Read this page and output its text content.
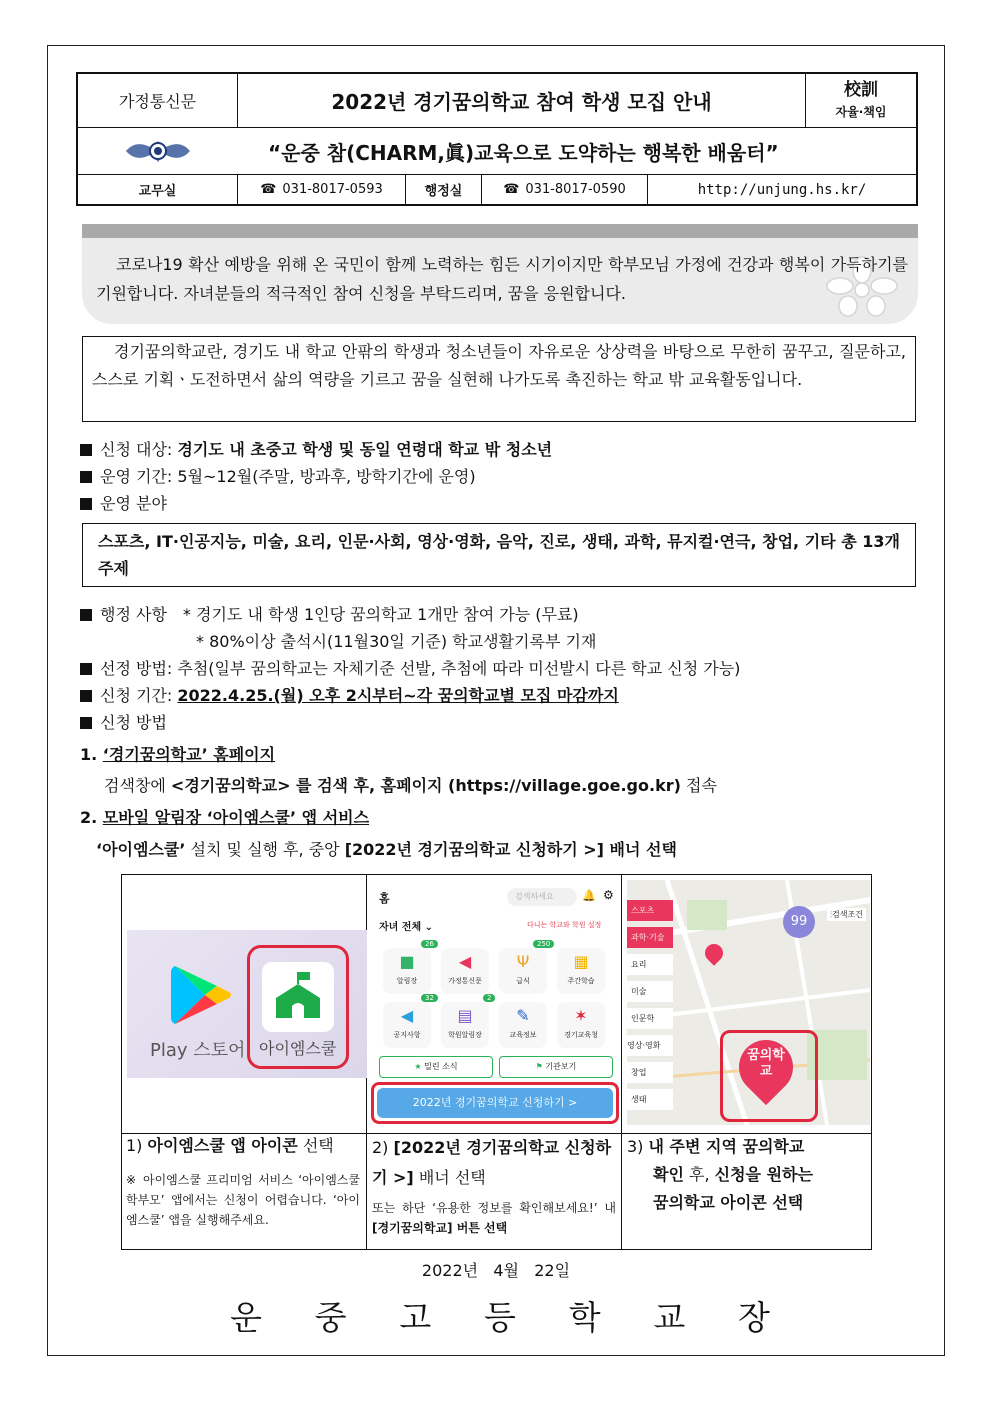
가정통신문	2022년 경기꿈의학교 참여 학생 모집 안내
校訓
자율·책임
“운중 참(CHARM,眞)교육으로 도약하는 행복한 배움터”
교무실	☎ 031-8017-0593	행정실	☎ 031-8017-0590	http://unjung.hs.kr/
코로나19 확산 예방을 위해 온 국민이 함께 노력하는 힘든 시기이지만 학부모님 가정에 건강과 행복이 가득하기를 기원합니다. 자녀분들의 적극적인 참여 신청을 부탁드리며, 꿈을 응원합니다.
경기꿈의학교란, 경기도 내 학교 안팎의 학생과 청소년들이 자유로운 상상력을 바탕으로 무한히 꿈꾸고, 질문하고, 스스로 기획ㆍ도전하면서 삶의 역량을 기르고 꿈을 실현해 나가도록 촉진하는 학교 밖 교육활동입니다.
신청 대상: 경기도 내 초중고 학생 및 동일 연령대 학교 밖 청소년
운영 기간: 5월~12월(주말, 방과후, 방학기간에 운영)
운영 분야
스포츠, IT·인공지능, 미술, 요리, 인문·사회, 영상·영화, 음악, 진로, 생태, 과학, 뮤지컬·연극, 창업, 기타 총 13개 주제
행정 사항 * 경기도 내 학생 1인당 꿈의학교 1개만 참여 가능 (무료)
* 80%이상 출석시(11월30일 기준) 학교생활기록부 기재
선정 방법: 추첨(일부 꿈의학교는 자체기준 선발, 추첨에 따라 미선발시 다른 학교 신청 가능)
신청 기간: 2022.4.25.(월) 오후 2시부터~각 꿈의학교별 모집 마감까지
신청 방법
1. ‘경기꿈의학교’ 홈페이지
검색창에 <경기꿈의학교> 를 검색 후, 홈페이지 (https://village.goe.go.kr) 접속
2. 모바일 알림장 ‘아이엠스쿨’ 앱 서비스
‘아이엠스쿨’ 설치 및 실행 후, 중앙 [2022년 경기꿈의학교 신청하기 >] 배너 선택
Play 스토어 아이엠스쿨
홈	검색하세요	🔔 ⚙
자녀 전체 ⌄	다니는 학교와 학원 설정
■
알림장
◀
가정통신문
Ψ
급식
▦
주간학습
◀
공지사항
▤
학원알림장
✎
교육정보
✶
경기교육청
26	250
32	2
★ 밀린 소식	⚑ 기관보기
2022년 경기꿈의학교 신청하기 >
99	⫶검색조건
스포츠
과학·기술
요리
미술
인문학
영상·영화
창업
생태
꿈의학교
1) 아이엠스쿨 앱 아이콘 선택
※ 아이엠스쿨 프리미엄 서비스 ‘아이엠스쿨 학부모’ 앱에서는 신청이 어렵습니다. ‘아이엠스쿨’ 앱을 실행해주세요.
2) [2022년 경기꿈의학교 신청하기 >] 배너 선택
또는 하단 ‘유용한 정보를 확인해보세요!’ 내 [경기꿈의학교] 버튼 선택
3) 내 주변 지역 꿈의학교
확인 후, 신청을 원하는
꿈의학교 아이콘 선택
2022년   4월   22일
운 중 고 등 학 교 장
